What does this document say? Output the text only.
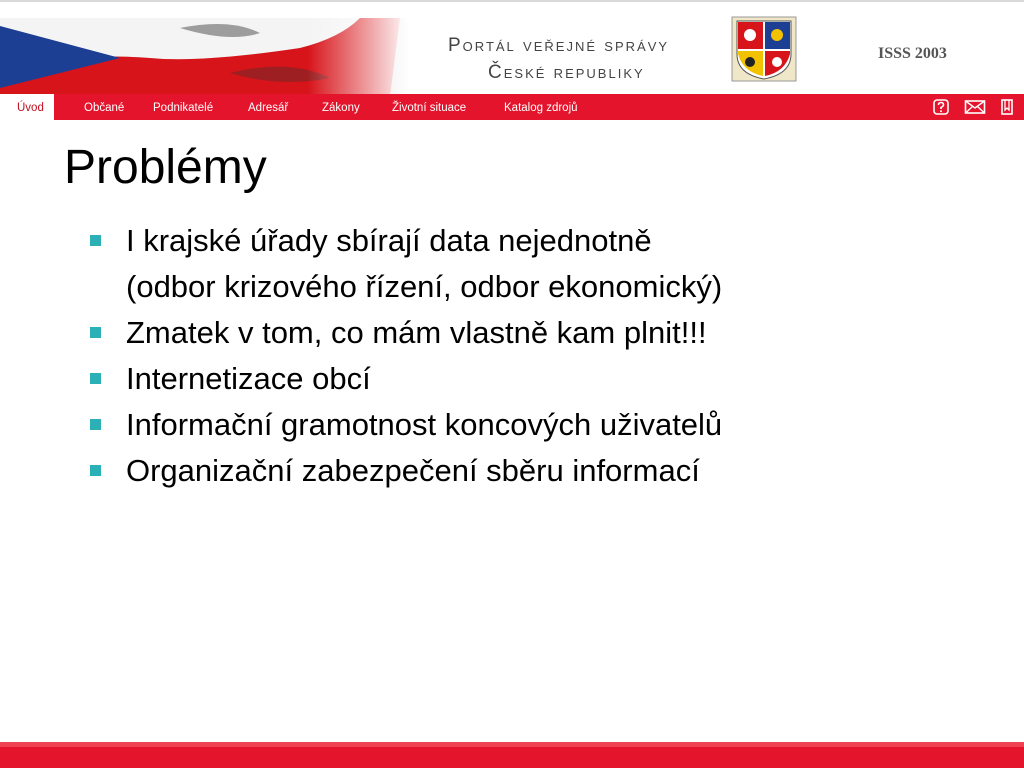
Portál veřejné správy
České republiky
ISSS 2003
Úvod	Občané Podnikatelé	Adresář	Zákony	Životní situace	Katalog zdrojů
Problémy
I krajské úřady sbírají data nejednotně
(odbor krizového řízení, odbor ekonomický)
Zmatek v tom, co mám vlastně kam plnit!!!
Internetizace obcí
Informační gramotnost koncových uživatelů
Organizační zabezpečení sběru informací
